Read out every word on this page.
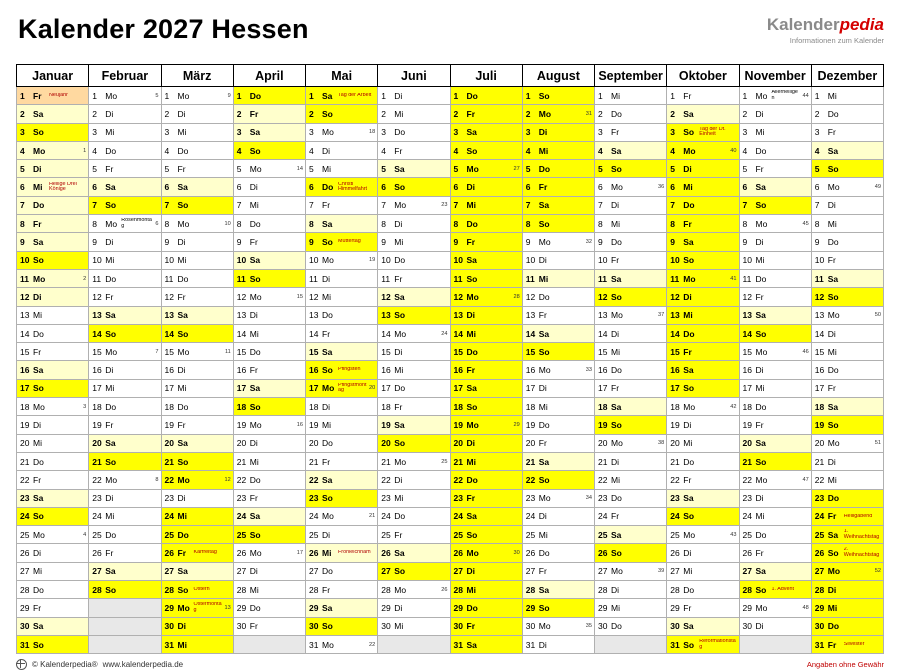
Kalender 2027 Hessen	Kalenderpedia
Informationen zum Kalender
Januar	Februar	März	April	Mai	Juni	Juli	August	September	Oktober	November	Dezember

1 Fr Neujahr	1 Mo 5	1 Mo 9	1 Do	1 Sa Tag der Arbeit	1 Di	1 Do	1 So	1 Mi	1 Fr	1 Mo Allerheiligen 44	1 Mi

2 Sa	2 Di	2 Di	2 Fr	2 So	2 Mi	2 Fr	2 Mo 31	2 Do	2 Sa	2 Di	2 Do

3 So	3 Mi	3 Mi	3 Sa	3 Mo 18	3 Do	3 Sa	3 Di	3 Fr	3 So Tag der Dt. Einheit	3 Mi	3 Fr

4 Mo 1	4 Do	4 Do	4 So	4 Di	4 Fr	4 So	4 Mi	4 Sa	4 Mo 40	4 Do	4 Sa

5 Di	5 Fr	5 Fr	5 Mo 14	5 Mi	5 Sa	5 Mo 27	5 Do	5 So	5 Di	5 Fr	5 So

6 Mi Heilige Drei Könige	6 Sa	6 Sa	6 Di	6 Do Christi Himmelfahrt	6 So	6 Di	6 Fr	6 Mo 36	6 Mi	6 Sa	6 Mo 49

7 Do	7 So	7 So	7 Mi	7 Fr	7 Mo 23	7 Mi	7 Sa	7 Di	7 Do	7 So	7 Di

8 Fr	8 Mo Rosenmontag 6	8 Mo 10	8 Do	8 Sa	8 Di	8 Do	8 So	8 Mi	8 Fr	8 Mo 45	8 Mi

9 Sa	9 Di	9 Di	9 Fr	9 So Muttertag	9 Mi	9 Fr	9 Mo 32	9 Do	9 Sa	9 Di	9 Do

10 So	10 Mi	10 Mi	10 Sa	10 Mo 19	10 Do	10 Sa	10 Di	10 Fr	10 So	10 Mi	10 Fr

11 Mo 2	11 Do	11 Do	11 So	11 Di	11 Fr	11 So	11 Mi	11 Sa	11 Mo 41	11 Do	11 Sa

12 Di	12 Fr	12 Fr	12 Mo 15	12 Mi	12 Sa	12 Mo 28	12 Do	12 So	12 Di	12 Fr	12 So

13 Mi	13 Sa	13 Sa	13 Di	13 Do	13 So	13 Di	13 Fr	13 Mo 37	13 Mi	13 Sa	13 Mo 50

14 Do	14 So	14 So	14 Mi	14 Fr	14 Mo 24	14 Mi	14 Sa	14 Di	14 Do	14 So	14 Di

15 Fr	15 Mo 7	15 Mo 11	15 Do	15 Sa	15 Di	15 Do	15 So	15 Mi	15 Fr	15 Mo 46	15 Mi

16 Sa	16 Di	16 Di	16 Fr	16 So Pfingsten	16 Mi	16 Fr	16 Mo 33	16 Do	16 Sa	16 Di	16 Do

17 So	17 Mi	17 Mi	17 Sa	17 Mo Pfingstmontag 20	17 Do	17 Sa	17 Di	17 Fr	17 So	17 Mi	17 Fr

18 Mo 3	18 Do	18 Do	18 So	18 Di	18 Fr	18 So	18 Mi	18 Sa	18 Mo 42	18 Do	18 Sa

19 Di	19 Fr	19 Fr	19 Mo 16	19 Mi	19 Sa	19 Mo 29	19 Do	19 So	19 Di	19 Fr	19 So

20 Mi	20 Sa	20 Sa	20 Di	20 Do	20 So	20 Di	20 Fr	20 Mo 38	20 Mi	20 Sa	20 Mo 51

21 Do	21 So	21 So	21 Mi	21 Fr	21 Mo 25	21 Mi	21 Sa	21 Di	21 Do	21 So	21 Di

22 Fr	22 Mo 8	22 Mo 12	22 Do	22 Sa	22 Di	22 Do	22 So	22 Mi	22 Fr	22 Mo 47	22 Mi

23 Sa	23 Di	23 Di	23 Fr	23 So	23 Mi	23 Fr	23 Mo 34	23 Do	23 Sa	23 Di	23 Do

24 So	24 Mi	24 Mi	24 Sa	24 Mo 21	24 Do	24 Sa	24 Di	24 Fr	24 So	24 Mi	24 Fr Heiligabend

25 Mo 4	25 Do	25 Do	25 So	25 Di	25 Fr	25 So	25 Mi	25 Sa	25 Mo 43	25 Do	25 Sa 1. Weihnachtstag

26 Di	26 Fr	26 Fr Karfreitag	26 Mo 17	26 Mi Fronleichnam	26 Sa	26 Mo 30	26 Do	26 So	26 Di	26 Fr	26 So 2. Weihnachtstag

27 Mi	27 Sa	27 Sa	27 Di	27 Do	27 So	27 Di	27 Fr	27 Mo 39	27 Mi	27 Sa	27 Mo 52

28 Do	28 So	28 So Ostern	28 Mi	28 Fr	28 Mo 26	28 Mi	28 Sa	28 Di	28 Do	28 So 1. Advent	28 Di

29 Fr		29 Mo Ostermontag 13	29 Do	29 Sa	29 Di	29 Do	29 So	29 Mi	29 Fr	29 Mo 48	29 Mi

30 Sa		30 Di	30 Fr	30 So	30 Mi	30 Fr	30 Mo 35	30 Do	30 Sa	30 Di	30 Do

31 So		31 Mi		31 Mo 22		31 Sa	31 Di		31 So Reformationstag		31 Fr Silvester
© Kalenderpedia® www.kalenderpedia.de	Angaben ohne Gewähr
